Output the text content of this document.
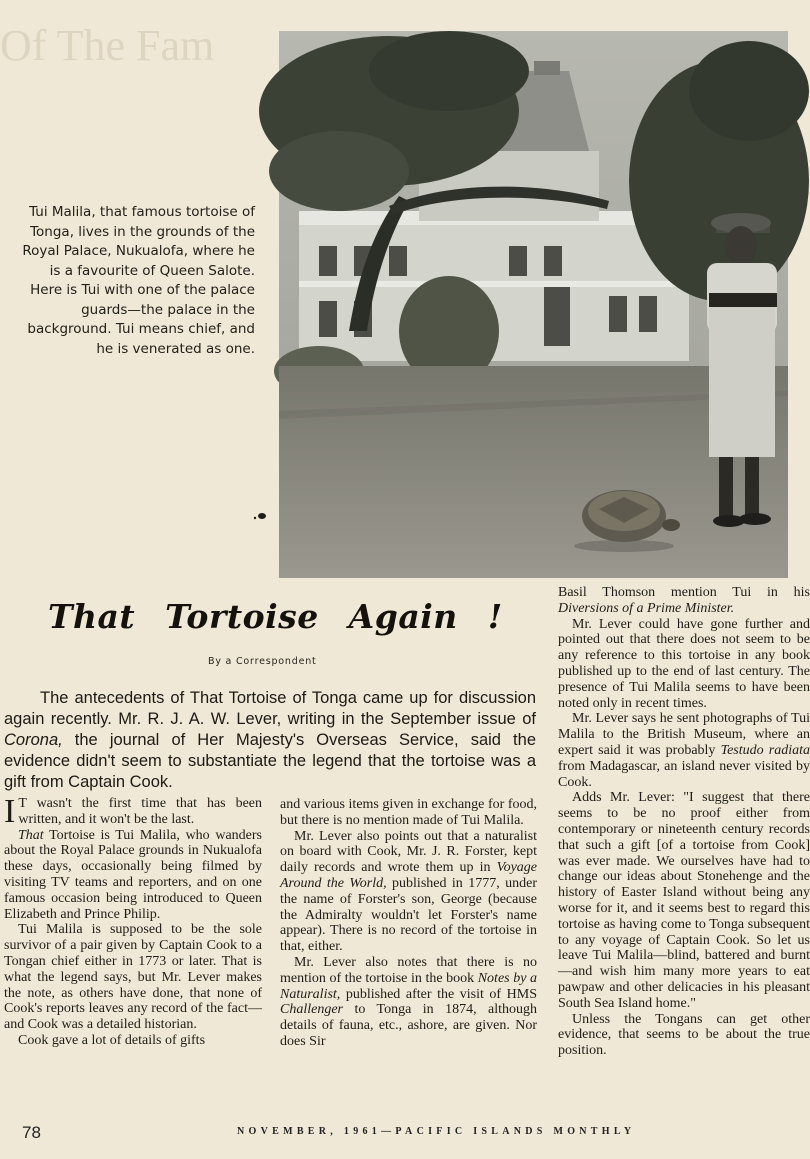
Of The Fam
Tui Malila, that famous tortoise of Tonga, lives in the grounds of the Royal Palace, Nukualofa, where he is a favourite of Queen Salote. Here is Tui with one of the palace guards—the palace in the background. Tui means chief, and he is venerated as one.
That Tortoise Again !
By a Correspondent

The antecedents of That Tortoise of Tonga came up for discussion again recently. Mr. R. J. A. W. Lever, writing in the September issue of Corona, the journal of Her Majesty's Overseas Service, said the evidence didn't seem to substantiate the legend that the tortoise was a gift from Captain Cook.

I T wasn't the first time that has been written, and it won't be the last.

That Tortoise is Tui Malila, who wanders about the Royal Palace grounds in Nukualofa these days, occasionally being filmed by visiting TV teams and reporters, and on one famous occasion being introduced to Queen Elizabeth and Prince Philip.

Tui Malila is supposed to be the sole survivor of a pair given by Captain Cook to a Tongan chief either in 1773 or later. That is what the legend says, but Mr. Lever makes the note, as others have done, that none of Cook's reports leaves any record of the fact—and Cook was a detailed historian.

Cook gave a lot of details of gifts

and various items given in exchange for food, but there is no mention made of Tui Malila.

Mr. Lever also points out that a naturalist on board with Cook, Mr. J. R. Forster, kept daily records and wrote them up in Voyage Around the World, published in 1777, under the name of Forster's son, George (because the Admiralty wouldn't let Forster's name appear). There is no record of the tortoise in that, either.

Mr. Lever also notes that there is no mention of the tortoise in the book Notes by a Naturalist, published after the visit of HMS Challenger to Tonga in 1874, although details of fauna, etc., ashore, are given. Nor does Sir

Basil Thomson mention Tui in his Diversions of a Prime Minister.

Mr. Lever could have gone further and pointed out that there does not seem to be any reference to this tortoise in any book published up to the end of last century. The presence of Tui Malila seems to have been noted only in recent times.

Mr. Lever says he sent photographs of Tui Malila to the British Museum, where an expert said it was probably Testudo radiata from Madagascar, an island never visited by Cook.

Adds Mr. Lever: "I suggest that there seems to be no proof either from contemporary or nineteenth century records that such a gift [of a tortoise from Cook] was ever made. We ourselves have had to change our ideas about Stonehenge and the history of Easter Island without being any worse for it, and it seems best to regard this tortoise as having come to Tonga subsequent to any voyage of Captain Cook. So let us leave Tui Malila—blind, battered and burnt—and wish him many more years to eat pawpaw and other delicacies in his pleasant South Sea Island home."

Unless the Tongans can get other evidence, that seems to be about the true position.

78	NOVEMBER, 1961—PACIFIC ISLANDS MONTHLY
